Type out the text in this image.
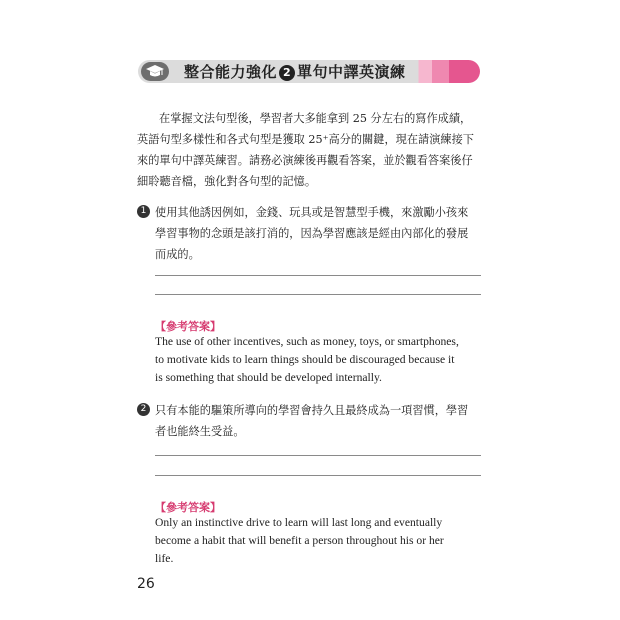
整合能力強化 2 單句中譯英演練
在掌握文法句型後，學習者大多能拿到 25 分左右的寫作成績，
英語句型多樣性和各式句型是獲取 25⁺高分的關鍵，現在請演練接下
來的單句中譯英練習。請務必演練後再觀看答案，並於觀看答案後仔
細聆聽音檔，強化對各句型的記憶。
1 使用其他誘因例如，金錢、玩具或是智慧型手機，來激勵小孩來
學習事物的念頭是該打消的，因為學習應該是經由內部化的發展
而成的。
【參考答案】
The use of other incentives, such as money, toys, or smartphones,
to motivate kids to learn things should be discouraged because it
is something that should be developed internally.
2 只有本能的驅策所導向的學習會持久且最終成為一項習慣，學習
者也能終生受益。
【參考答案】
Only an instinctive drive to learn will last long and eventually
become a habit that will benefit a person throughout his or her
life.
26
